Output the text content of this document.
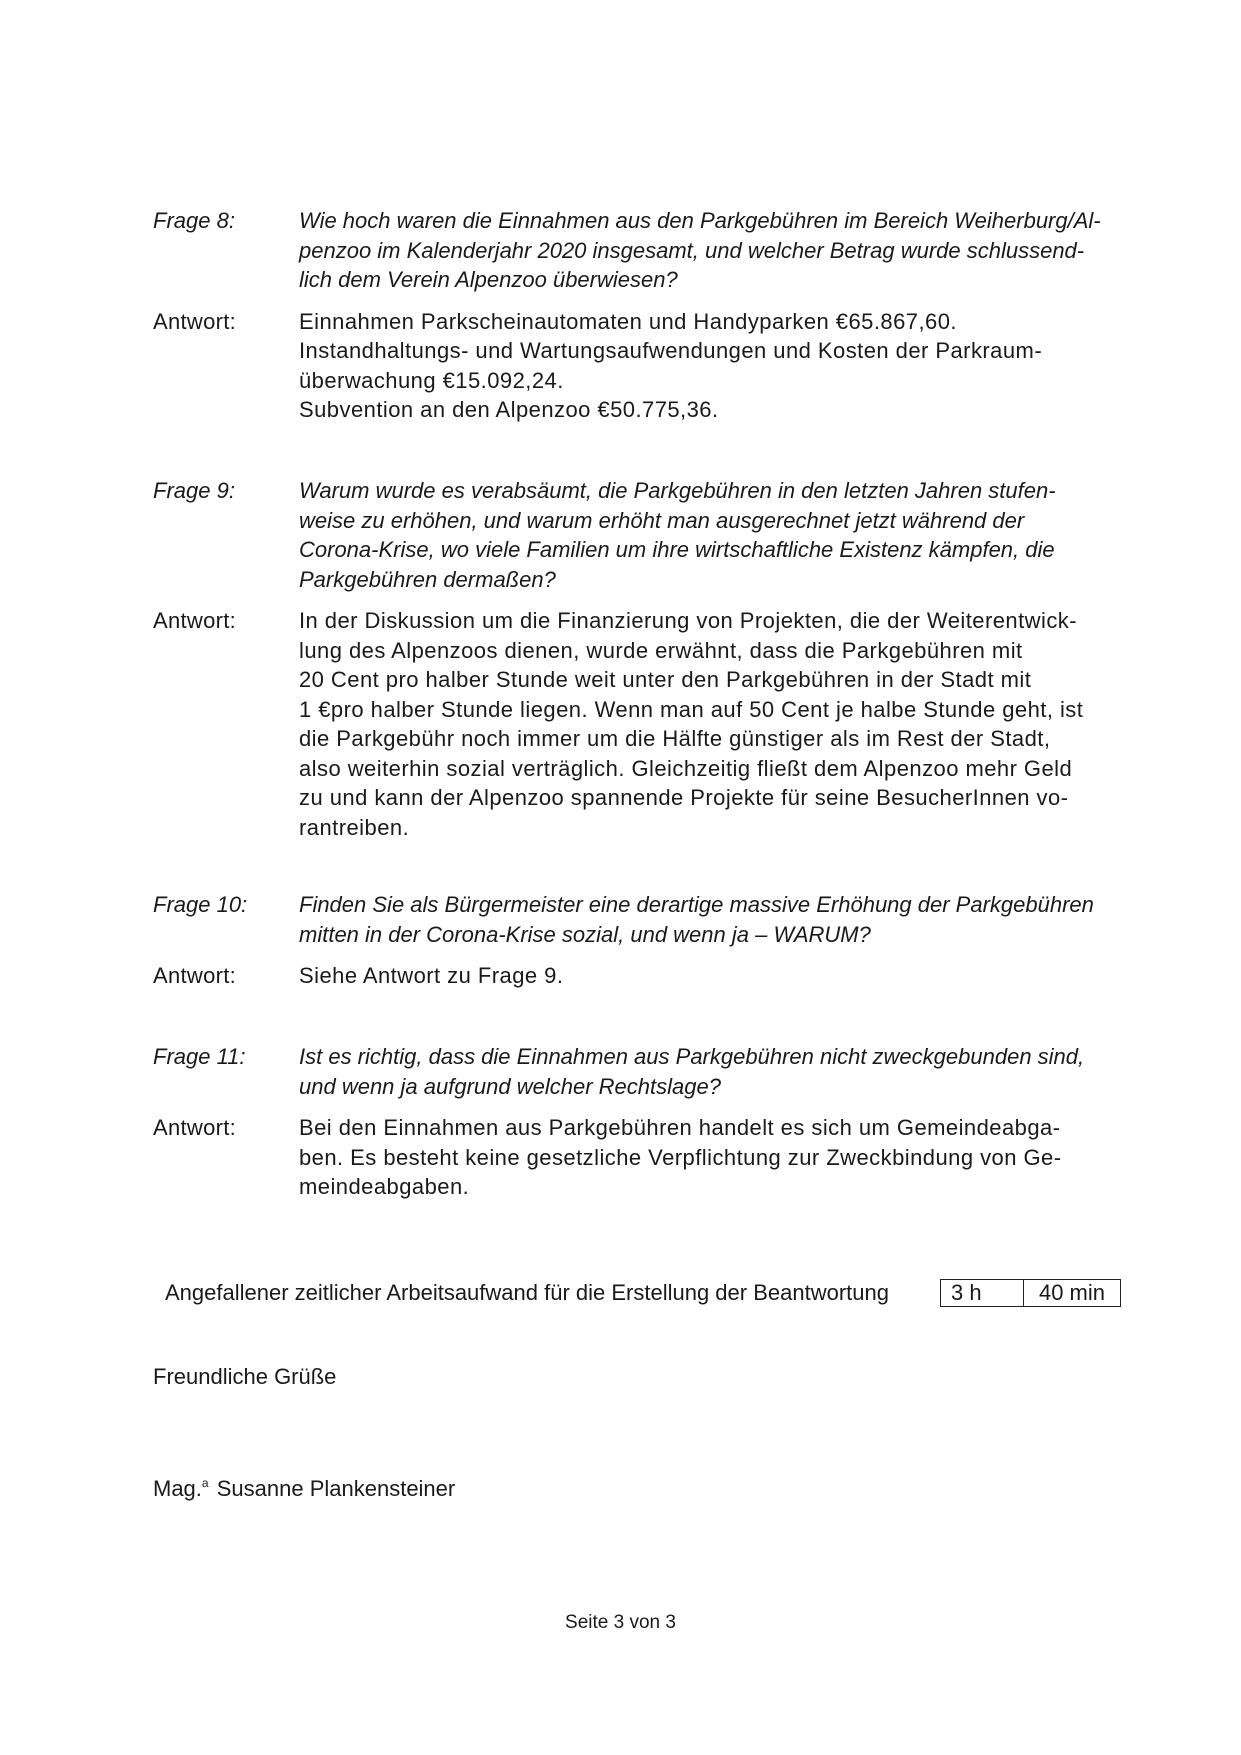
Frage 8:	Wie hoch waren die Einnahmen aus den Parkgebühren im Bereich Weiherburg/Al-
penzoo im Kalenderjahr 2020 insgesamt, und welcher Betrag wurde schlussend-
lich dem Verein Alpenzoo überwiesen?
Antwort:	Einnahmen Parkscheinautomaten und Handyparken €65.867,60.
Instandhaltungs- und Wartungsaufwendungen und Kosten der Parkraum-
überwachung €15.092,24.
Subvention an den Alpenzoo €50.775,36.
Frage 9:	Warum wurde es verabsäumt, die Parkgebühren in den letzten Jahren stufen-
weise zu erhöhen, und warum erhöht man ausgerechnet jetzt während der
Corona-Krise, wo viele Familien um ihre wirtschaftliche Existenz kämpfen, die
Parkgebühren dermaßen?
Antwort:	In der Diskussion um die Finanzierung von Projekten, die der Weiterentwick-
lung des Alpenzoos dienen, wurde erwähnt, dass die Parkgebühren mit
20 Cent pro halber Stunde weit unter den Parkgebühren in der Stadt mit
1 €pro halber Stunde liegen. Wenn man auf 50 Cent je halbe Stunde geht, ist
die Parkgebühr noch immer um die Hälfte günstiger als im Rest der Stadt,
also weiterhin sozial verträglich. Gleichzeitig fließt dem Alpenzoo mehr Geld
zu und kann der Alpenzoo spannende Projekte für seine BesucherInnen vo-
rantreiben.
Frage 10:	Finden Sie als Bürgermeister eine derartige massive Erhöhung der Parkgebühren
mitten in der Corona-Krise sozial, und wenn ja – WARUM?
Antwort:	Siehe Antwort zu Frage 9.
Frage 11:	Ist es richtig, dass die Einnahmen aus Parkgebühren nicht zweckgebunden sind,
und wenn ja aufgrund welcher Rechtslage?
Antwort:	Bei den Einnahmen aus Parkgebühren handelt es sich um Gemeindeabga-
ben. Es besteht keine gesetzliche Verpflichtung zur Zweckbindung von Ge-
meindeabgaben.
Angefallener zeitlicher Arbeitsaufwand für die Erstellung der Beantwortung	3 h	40 min
Freundliche Grüße
Mag.$^a$ Susanne Plankensteiner
Seite 3 von 3
